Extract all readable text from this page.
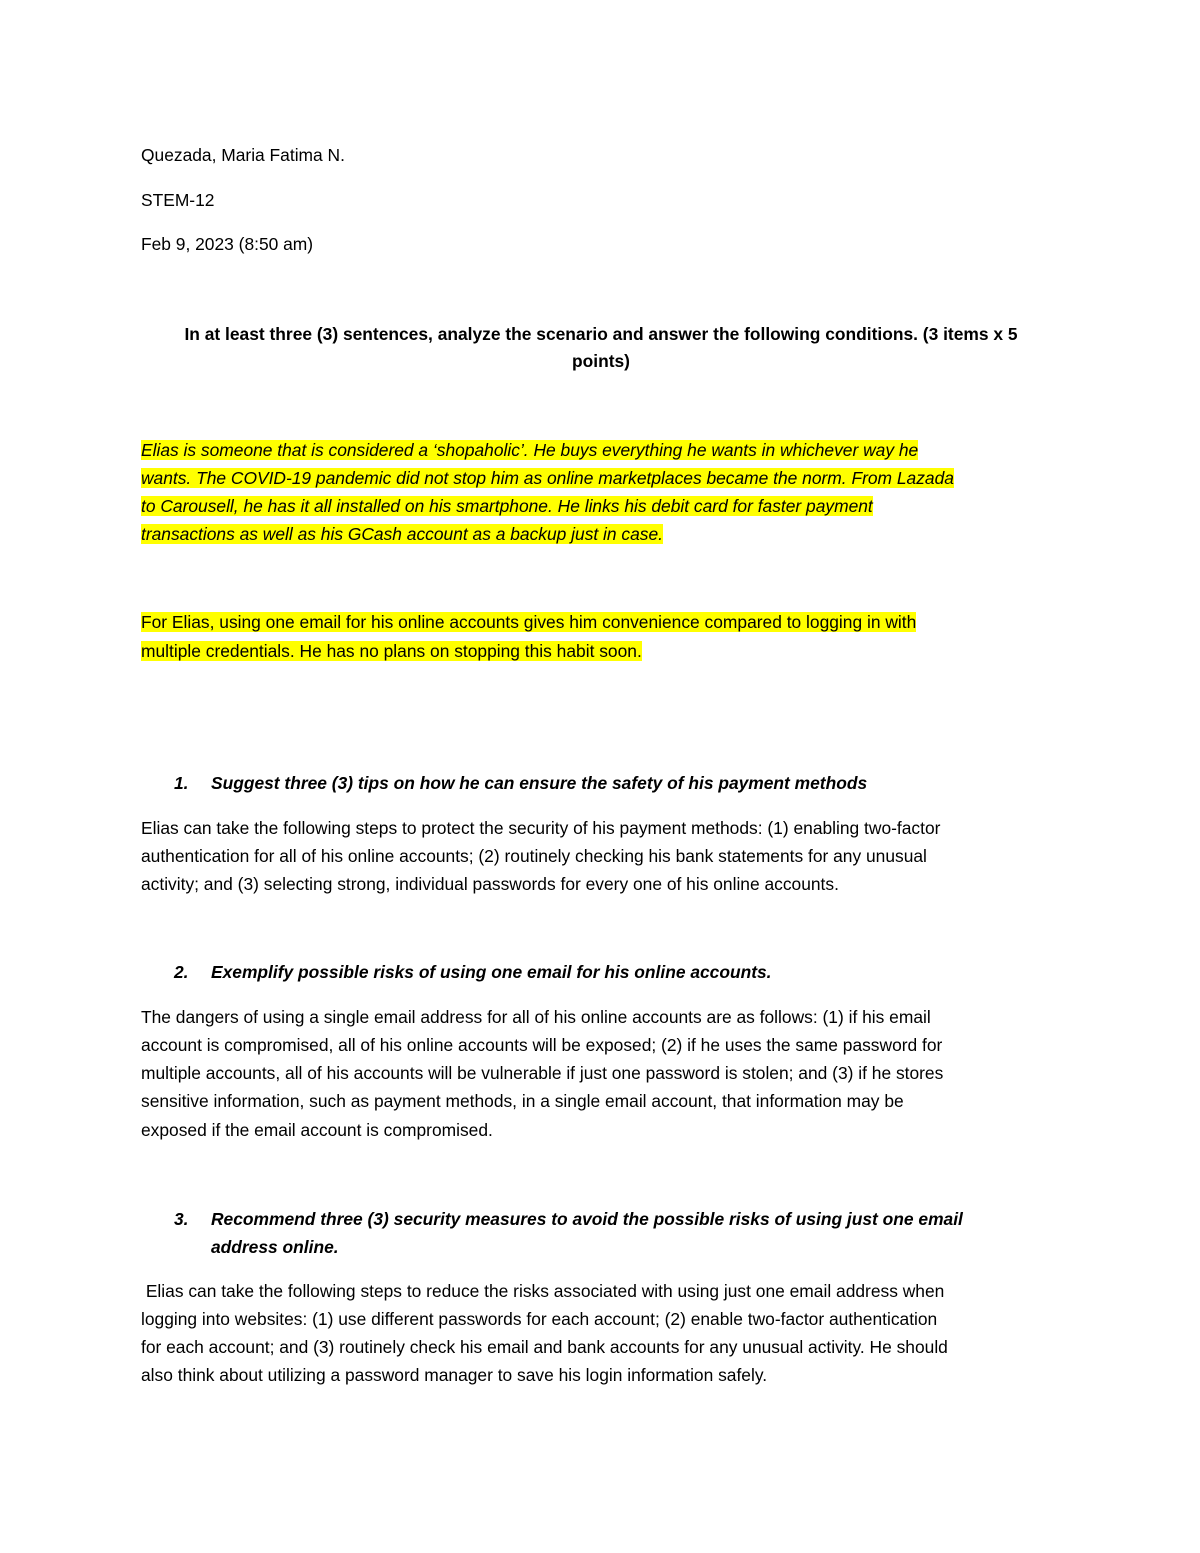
Quezada, Maria Fatima N.
STEM-12
Feb 9, 2023 (8:50 am)
In at least three (3) sentences, analyze the scenario and answer the following conditions. (3 items x 5
points)
Elias is someone that is considered a ‘shopaholic’. He buys everything he wants in whichever way he
wants. The COVID-19 pandemic did not stop him as online marketplaces became the norm. From Lazada
to Carousell, he has it all installed on his smartphone. He links his debit card for faster payment
transactions as well as his GCash account as a backup just in case.
For Elias, using one email for his online accounts gives him convenience compared to logging in with
multiple credentials. He has no plans on stopping this habit soon.
1. Suggest three (3) tips on how he can ensure the safety of his payment methods
Elias can take the following steps to protect the security of his payment methods: (1) enabling two-factor
authentication for all of his online accounts; (2) routinely checking his bank statements for any unusual
activity; and (3) selecting strong, individual passwords for every one of his online accounts.
2. Exemplify possible risks of using one email for his online accounts.
The dangers of using a single email address for all of his online accounts are as follows: (1) if his email
account is compromised, all of his online accounts will be exposed; (2) if he uses the same password for
multiple accounts, all of his accounts will be vulnerable if just one password is stolen; and (3) if he stores
sensitive information, such as payment methods, in a single email account, that information may be
exposed if the email account is compromised.
3. Recommend three (3) security measures to avoid the possible risks of using just one email
address online.
Elias can take the following steps to reduce the risks associated with using just one email address when
logging into websites: (1) use different passwords for each account; (2) enable two-factor authentication
for each account; and (3) routinely check his email and bank accounts for any unusual activity. He should
also think about utilizing a password manager to save his login information safely.
